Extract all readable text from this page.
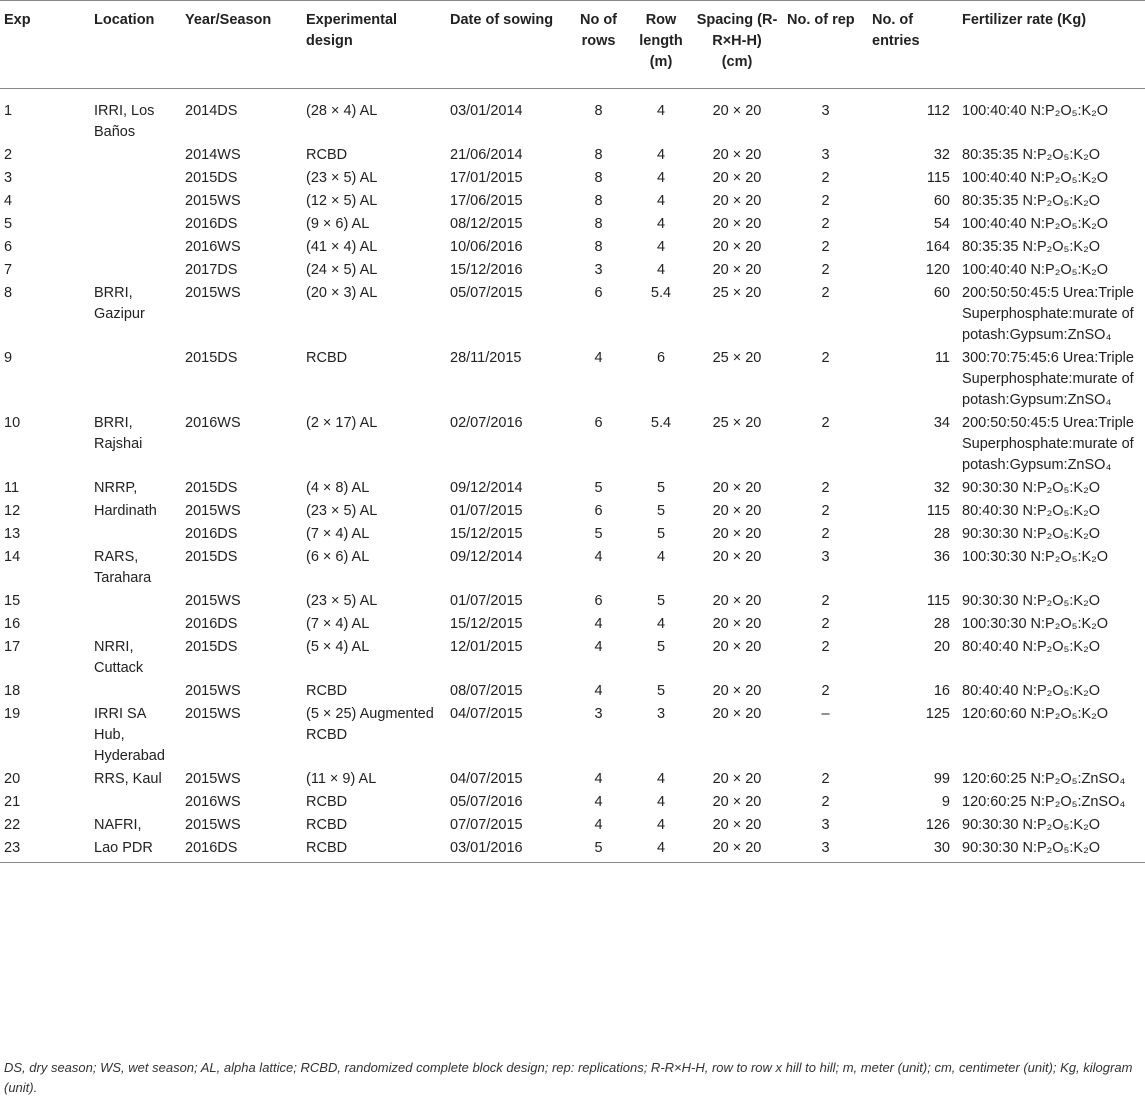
Exp	Location	Year/Season	Experimental design	Date of sowing	No of rows	Row length (m)	Spacing (R-R×H-H) (cm)	No. of rep	No. of entries	Fertilizer rate (Kg)
1	IRRI, Los Baños	2014DS	(28 × 4) AL	03/01/2014	8	4	20 × 20	3	112	100:40:40 N:P₂O₅:K₂O
2		2014WS	RCBD	21/06/2014	8	4	20 × 20	3	32	80:35:35 N:P₂O₅:K₂O
3		2015DS	(23 × 5) AL	17/01/2015	8	4	20 × 20	2	115	100:40:40 N:P₂O₅:K₂O
4		2015WS	(12 × 5) AL	17/06/2015	8	4	20 × 20	2	60	80:35:35 N:P₂O₅:K₂O
5		2016DS	(9 × 6) AL	08/12/2015	8	4	20 × 20	2	54	100:40:40 N:P₂O₅:K₂O
6		2016WS	(41 × 4) AL	10/06/2016	8	4	20 × 20	2	164	80:35:35 N:P₂O₅:K₂O
7		2017DS	(24 × 5) AL	15/12/2016	3	4	20 × 20	2	120	100:40:40 N:P₂O₅:K₂O
8	BRRI, Gazipur	2015WS	(20 × 3) AL	05/07/2015	6	5.4	25 × 20	2	60	200:50:50:45:5 Urea:Triple Superphosphate:murate of potash:Gypsum:ZnSO₄
9		2015DS	RCBD	28/11/2015	4	6	25 × 20	2	11	300:70:75:45:6 Urea:Triple Superphosphate:murate of potash:Gypsum:ZnSO₄
10	BRRI, Rajshai	2016WS	(2 × 17) AL	02/07/2016	6	5.4	25 × 20	2	34	200:50:50:45:5 Urea:Triple Superphosphate:murate of potash:Gypsum:ZnSO₄
11	NRRP,	2015DS	(4 × 8) AL	09/12/2014	5	5	20 × 20	2	32	90:30:30 N:P₂O₅:K₂O
12	Hardinath	2015WS	(23 × 5) AL	01/07/2015	6	5	20 × 20	2	115	80:40:30 N:P₂O₅:K₂O
13		2016DS	(7 × 4) AL	15/12/2015	5	5	20 × 20	2	28	90:30:30 N:P₂O₅:K₂O
14	RARS, Tarahara	2015DS	(6 × 6) AL	09/12/2014	4	4	20 × 20	3	36	100:30:30 N:P₂O₅:K₂O
15		2015WS	(23 × 5) AL	01/07/2015	6	5	20 × 20	2	115	90:30:30 N:P₂O₅:K₂O
16		2016DS	(7 × 4) AL	15/12/2015	4	4	20 × 20	2	28	100:30:30 N:P₂O₅:K₂O
17	NRRI, Cuttack	2015DS	(5 × 4) AL	12/01/2015	4	5	20 × 20	2	20	80:40:40 N:P₂O₅:K₂O
18		2015WS	RCBD	08/07/2015	4	5	20 × 20	2	16	80:40:40 N:P₂O₅:K₂O
19	IRRI SA Hub, Hyderabad	2015WS	(5 × 25) Augmented RCBD	04/07/2015	3	3	20 × 20	–	125	120:60:60 N:P₂O₅:K₂O
20	RRS, Kaul	2015WS	(11 × 9) AL	04/07/2015	4	4	20 × 20	2	99	120:60:25 N:P₂O₅:ZnSO₄
21		2016WS	RCBD	05/07/2016	4	4	20 × 20	2	9	120:60:25 N:P₂O₅:ZnSO₄
22	NAFRI,	2015WS	RCBD	07/07/2015	4	4	20 × 20	3	126	90:30:30 N:P₂O₅:K₂O
23	Lao PDR	2016DS	RCBD	03/01/2016	5	4	20 × 20	3	30	90:30:30 N:P₂O₅:K₂O
DS, dry season; WS, wet season; AL, alpha lattice; RCBD, randomized complete block design; rep: replications; R-R×H-H, row to row x hill to hill; m, meter (unit); cm, centimeter (unit); Kg, kilogram (unit).
